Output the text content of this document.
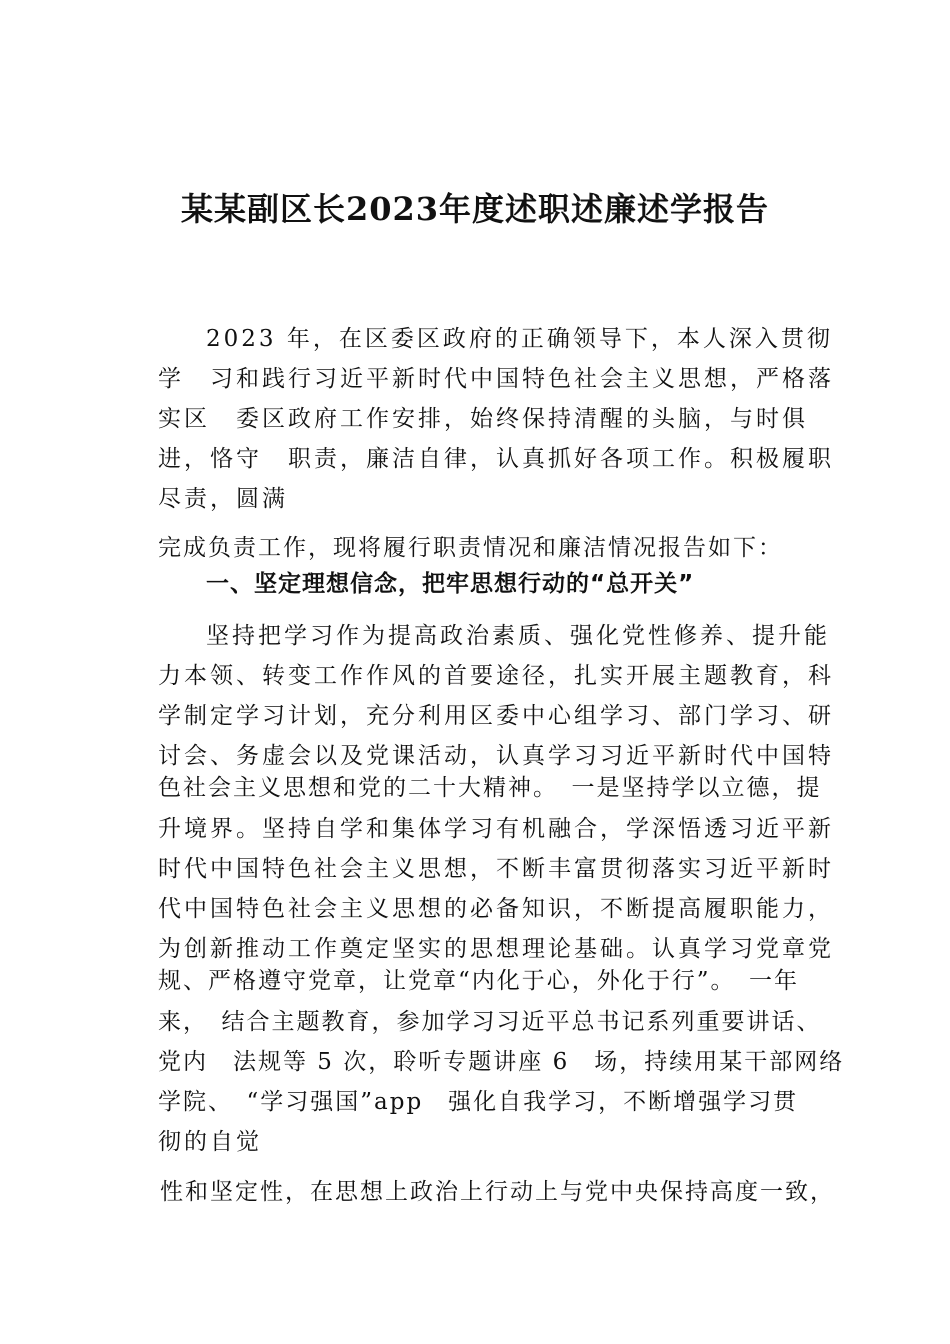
某某副区长2023年度述职述廉述学报告
2023 年，在区委区政府的正确领导下，本人深入贯彻
学　习和践行习近平新时代中国特色社会主义思想，严格落
实区　委区政府工作安排，始终保持清醒的头脑，与时俱
进，恪守　职责，廉洁自律，认真抓好各项工作。积极履职
尽责，圆满
完成负责工作，现将履行职责情况和廉洁情况报告如下：
一、坚定理想信念，把牢思想行动的“总开关”
坚持把学习作为提高政治素质、强化党性修养、提升能
力本领、转变工作作风的首要途径，扎实开展主题教育，科
学制定学习计划，充分利用区委中心组学习、部门学习、研
讨会、务虚会以及党课活动，认真学习习近平新时代中国特
色社会主义思想和党的二十大精神。　一是坚持学以立德，提
升境界。坚持自学和集体学习有机融合，学深悟透习近平新
时代中国特色社会主义思想，不断丰富贯彻落实习近平新时
代中国特色社会主义思想的必备知识，不断提高履职能力，
为创新推动工作奠定坚实的思想理论基础。认真学习党章党
规、严格遵守党章，让党章“内化于心，外化于行”。　一年
来，　结合主题教育，参加学习习近平总书记系列重要讲话、
党内　法规等 5 次，聆听专题讲座 6　场，持续用某干部网络
学院、　“学习强国”app　强化自我学习，不断增强学习贯
彻的自觉
性和坚定性，在思想上政治上行动上与党中央保持高度一致，
